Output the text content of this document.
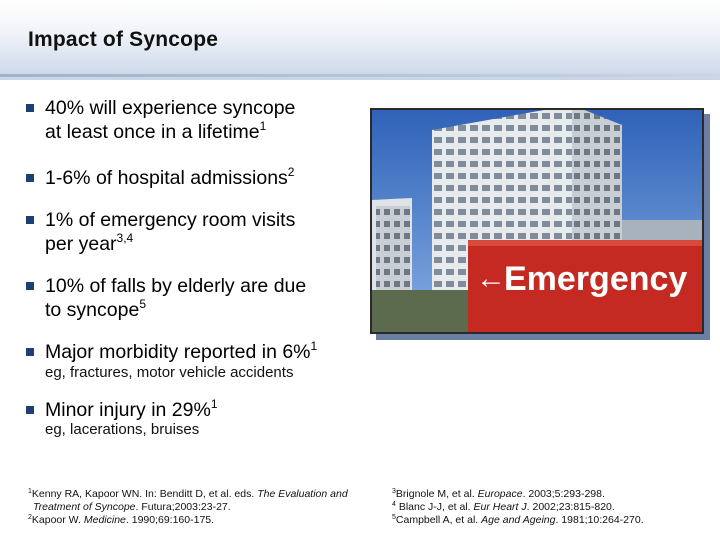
Impact of Syncope
40% will experience syncope
at least once in a lifetime$^1$
1-6% of hospital admissions$^2$
1% of emergency room visits
per year$^{3,4}$
10% of falls by elderly are due
to syncope$^5$
Major morbidity reported in 6%$^1$
Minor injury in 29%$^1$
eg, fractures, motor vehicle accidents
eg, lacerations, bruises
←
Emergency
$^1$Kenny RA, Kapoor WN. In: Benditt D, et al. eds. The Evaluation and
Treatment of Syncope. Futura;2003:23-27.
$^2$Kapoor W. Medicine. 1990;69:160-175.
$^3$Brignole M, et al. Europace. 2003;5:293-298.
$^4$ Blanc J-J, et al. Eur Heart J. 2002;23:815-820.
$^5$Campbell A, et al. Age and Ageing. 1981;10:264-270.
